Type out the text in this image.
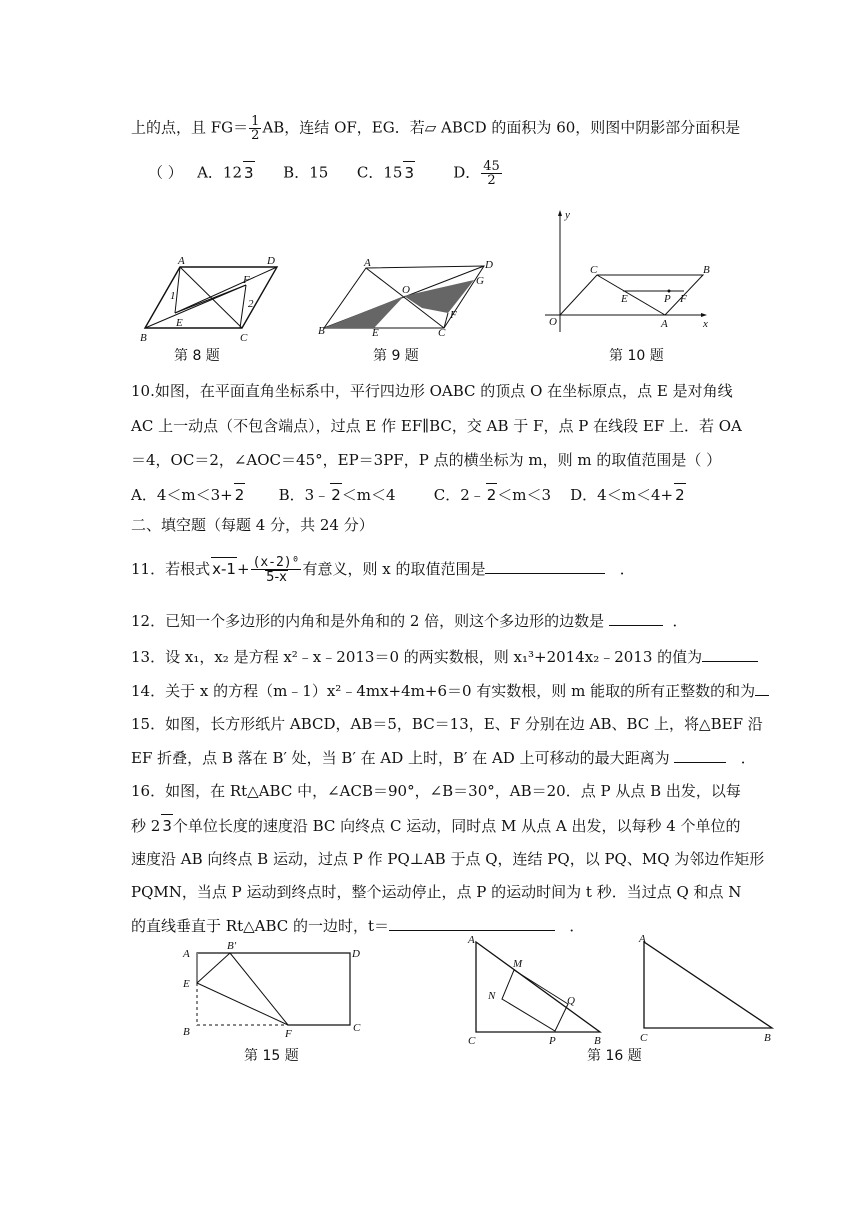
上的点，且 $FG= \frac{1}{2}$ AB，连结 OF，EG．若▱ ABCD 的面积为 60，则图中阴影部分面积是
（ ） A．12 3 B．15 C．15 3	D． $\frac{45}{2}$
A	D
B	C
E
F
1
2
A	D
G
O
B	E	C
F
y
C	B
E	P F
O	A	x
第 8 题	第 9 题	第 10 题
10.如图，在平面直角坐标系中，平行四边形 OABC 的顶点 O 在坐标原点，点 E 是对角线
AC 上一动点（不包含端点），过点 E 作 EF∥BC，交 AB 于 F，点 P 在线段 EF 上．若 OA
＝4，OC＝2，∠AOC＝45°，EP＝3PF，P 点的横坐标为 m，则 m 的取值范围是（ ）
A．4＜m＜3+ 2 B．3﹣ 2＜m＜4	C．2﹣ 2＜m＜3 D．4＜m＜4+ 2
二、填空题（每题 4 分，共 24 分）
11．若根式 $x-1+ \frac{\text{(x-2)⁰}}{5-x}$ 有意义，则 x 的取值范围是	．
12．已知一个多边形的内角和是外角和的 2 倍，则这个多边形的边数是	．
13．设 x₁，x₂ 是方程 x²﹣x﹣2013＝0 的两实数根，则 x₁³+2014x₂﹣2013 的值为
14．关于 x 的方程（m﹣1）x²﹣4mx+4m+6＝0 有实数根，则 m 能取的所有正整数的和为
15．如图，长方形纸片 ABCD，AB＝5，BC＝13，E、F 分别在边 AB、BC 上，将△BEF 沿
EF 折叠，点 B 落在 B′ 处，当 B′ 在 AD 上时，B′ 在 AD 上可移动的最大距离为	．
16．如图，在 Rt△ABC 中，∠ACB＝90°，∠B＝30°，AB＝20．点 P 从点 B 出发，以每
秒 2 3个单位长度的速度沿 BC 向终点 C 运动，同时点 M 从点 A 出发，以每秒 4 个单位的
速度沿 AB 向终点 B 运动，过点 P 作 PQ⊥AB 于点 Q，连结 PQ，以 PQ、MQ 为邻边作矩形
PQMN，当点 P 运动到终点时，整个运动停止，点 P 的运动时间为 t 秒．当过点 Q 和点 N
的直线垂直于 Rt△ABC 的一边时，t＝	．
A
B′
D
E
B	F	C
第 15 题
A
M
N	Q
C	P	B
第 16 题
A
C	B
